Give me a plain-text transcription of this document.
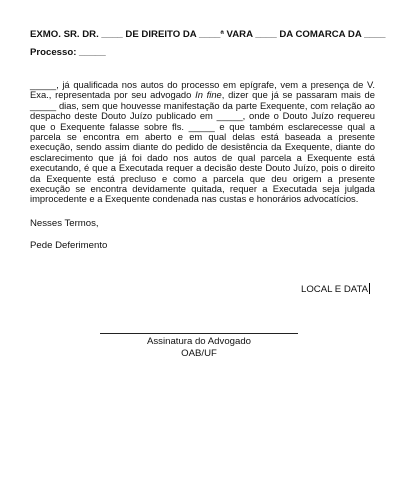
EXMO. SR. DR. ____ DE DIREITO DA ____ª VARA ____ DA COMARCA DA ____
Processo: _____

_____, já qualificada nos autos do processo em epígrafe, vem a presença de V. Exa., representada por seu advogado In fine, dizer que já se passaram mais de _____ dias, sem que houvesse manifestação da parte Exequente, com relação ao despacho deste Douto Juízo publicado em _____, onde o Douto Juízo requereu que o Exequente falasse sobre fls. _____ e que também esclarecesse qual a parcela se encontra em aberto e em qual delas está baseada a presente execução, sendo assim diante do pedido de desistência da Exequente, diante do esclarecimento que já foi dado nos autos de qual parcela a Exequente está executando, é que a Executada requer a decisão deste Douto Juízo, pois o direito da Exequente está precluso e como a parcela que deu origem a presente execução se encontra devidamente quitada, requer a Executada seja julgada improcedente e a Exequente condenada nas custas e honorários advocatícios.

Nesses Termos,
Pede Deferimento
LOCAL E DATA
Assinatura do Advogado
OAB/UF
